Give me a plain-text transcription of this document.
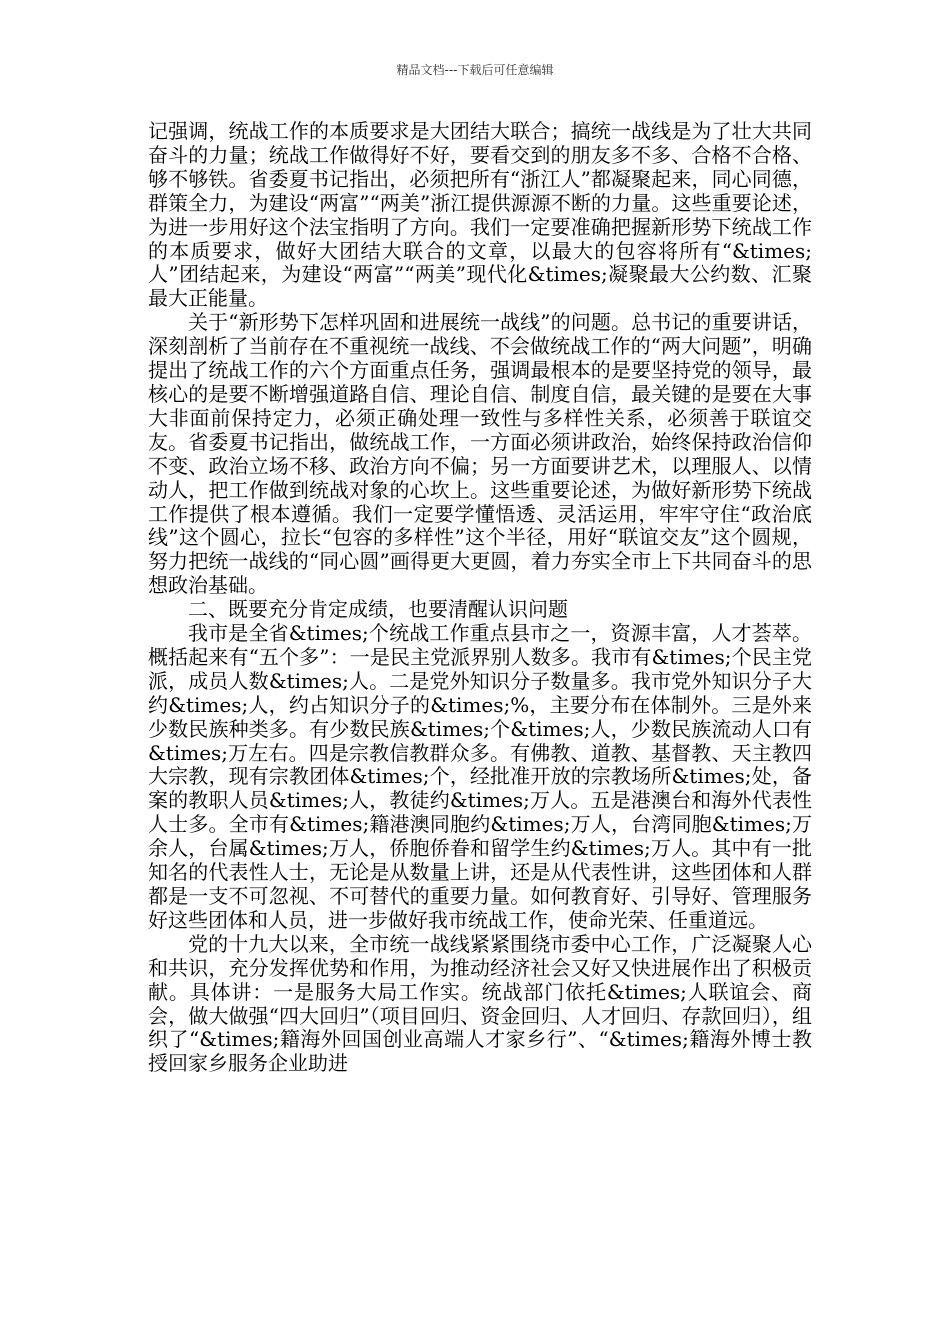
精品文档---下载后可任意编辑

记强调，统战工作的本质要求是大团结大联合；搞统一战线是为了壮大共同奋斗的力量；统战工作做得好不好，要看交到的朋友多不多、合格不合格、够不够铁。省委夏书记指出，必须把所有“浙江人”都凝聚起来，同心同德，群策全力，为建设“两富”“两美”浙江提供源源不断的力量。这些重要论述，为进一步用好这个法宝指明了方向。我们一定要准确把握新形势下统战工作的本质要求，做好大团结大联合的文章，以最大的包容将所有“&times;人”团结起来，为建设“两富”“两美”现代化&times;凝聚最大公约数、汇聚最大正能量。

关于“新形势下怎样巩固和进展统一战线”的问题。总书记的重要讲话，深刻剖析了当前存在不重视统一战线、不会做统战工作的“两大问题”，明确提出了统战工作的六个方面重点任务，强调最根本的是要坚持党的领导，最核心的是要不断增强道路自信、理论自信、制度自信，最关键的是要在大事大非面前保持定力，必须正确处理一致性与多样性关系，必须善于联谊交友。省委夏书记指出，做统战工作，一方面必须讲政治，始终保持政治信仰不变、政治立场不移、政治方向不偏；另一方面要讲艺术，以理服人、以情动人，把工作做到统战对象的心坎上。这些重要论述，为做好新形势下统战工作提供了根本遵循。我们一定要学懂悟透、灵活运用，牢牢守住“政治底线”这个圆心，拉长“包容的多样性”这个半径，用好“联谊交友”这个圆规，努力把统一战线的“同心圆”画得更大更圆，着力夯实全市上下共同奋斗的思想政治基础。

二、既要充分肯定成绩，也要清醒认识问题

我市是全省&times;个统战工作重点县市之一，资源丰富，人才荟萃。概括起来有“五个多”：一是民主党派界别人数多。我市有&times;个民主党派，成员人数&times;人。二是党外知识分子数量多。我市党外知识分子大约&times;人，约占知识分子的&times;%，主要分布在体制外。三是外来少数民族种类多。有少数民族&times;个&times;人，少数民族流动人口有&times;万左右。四是宗教信教群众多。有佛教、道教、基督教、天主教四大宗教，现有宗教团体&times;个，经批准开放的宗教场所&times;处，备案的教职人员&times;人，教徒约&times;万人。五是港澳台和海外代表性人士多。全市有&times;籍港澳同胞约&times;万人，台湾同胞&times;万余人，台属&times;万人，侨胞侨眷和留学生约&times;万人。其中有一批知名的代表性人士，无论是从数量上讲，还是从代表性讲，这些团体和人群都是一支不可忽视、不可替代的重要力量。如何教育好、引导好、管理服务好这些团体和人员，进一步做好我市统战工作，使命光荣、任重道远。

党的十九大以来，全市统一战线紧紧围绕市委中心工作，广泛凝聚人心和共识，充分发挥优势和作用，为推动经济社会又好又快进展作出了积极贡献。具体讲：一是服务大局工作实。统战部门依托&times;人联谊会、商会，做大做强“四大回归”（项目回归、资金回归、人才回归、存款回归），组织了“&times;籍海外回国创业高端人才家乡行”、“&times;籍海外博士教授回家乡服务企业助进
